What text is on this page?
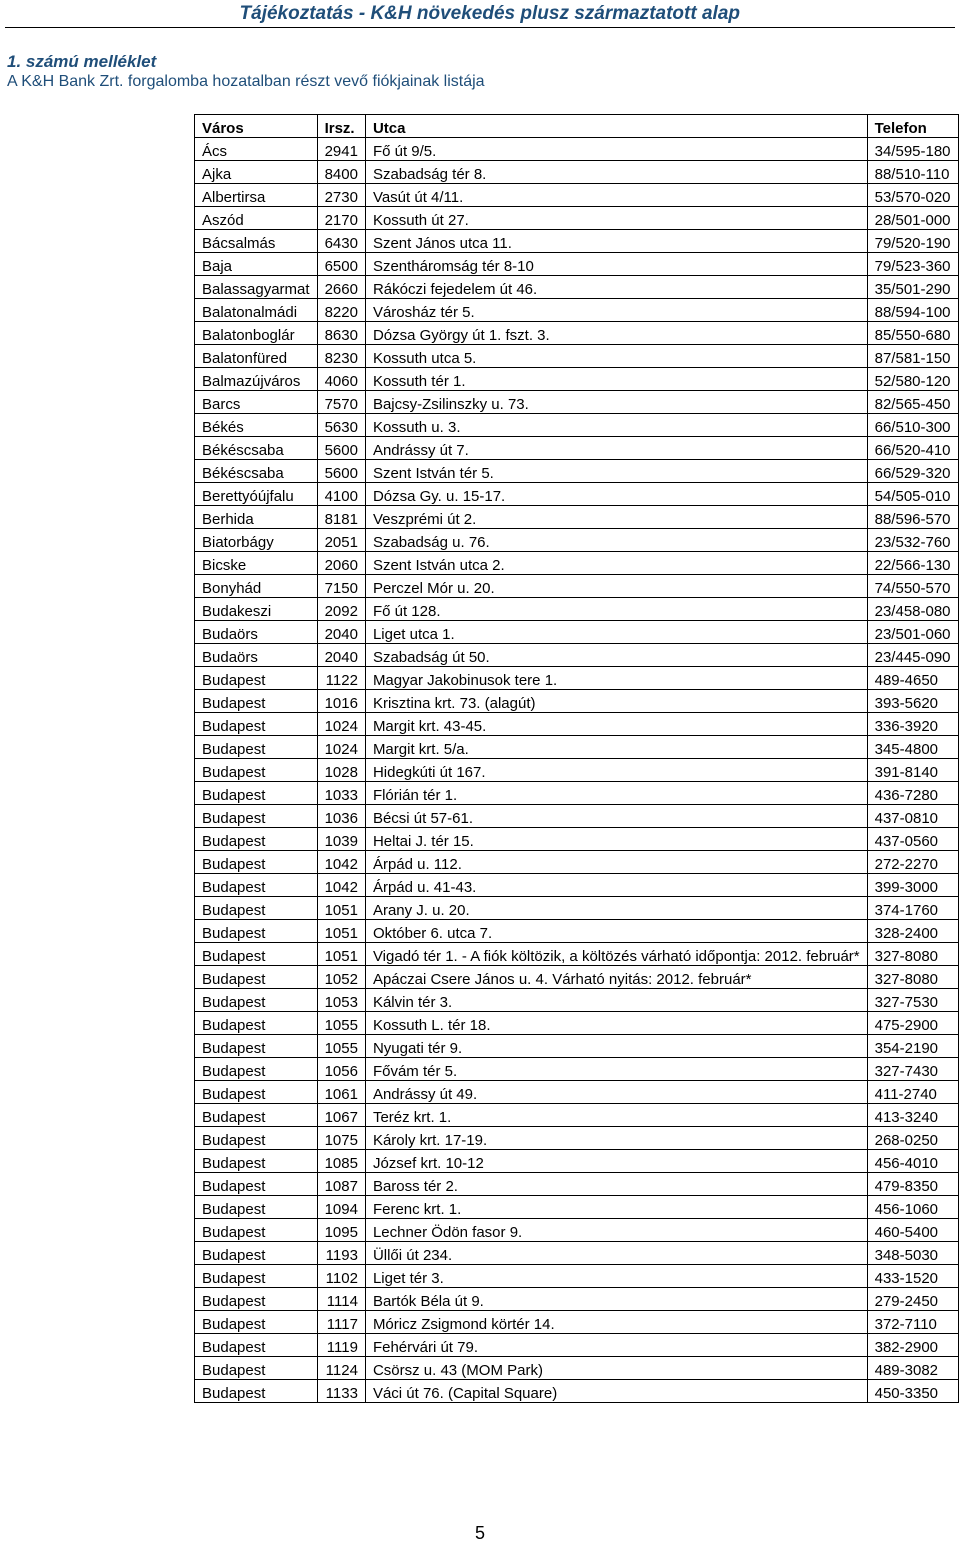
Tájékoztatás - K&H növekedés plusz származtatott alap
1. számú melléklet
A K&H Bank Zrt. forgalomba hozatalban részt vevő fiókjainak listája
Város	Irsz.	Utca	Telefon
Ács	2941	Fő út 9/5.	34/595-180
Ajka	8400	Szabadság tér 8.	88/510-110
Albertirsa	2730	Vasút út 4/11.	53/570-020
Aszód	2170	Kossuth út 27.	28/501-000
Bácsalmás	6430	Szent János utca 11.	79/520-190
Baja	6500	Szentháromság tér 8-10	79/523-360
Balassagyarmat	2660	Rákóczi fejedelem út 46.	35/501-290
Balatonalmádi	8220	Városház tér 5.	88/594-100
Balatonboglár	8630	Dózsa György út 1. fszt. 3.	85/550-680
Balatonfüred	8230	Kossuth utca 5.	87/581-150
Balmazújváros	4060	Kossuth tér 1.	52/580-120
Barcs	7570	Bajcsy-Zsilinszky u. 73.	82/565-450
Békés	5630	Kossuth u. 3.	66/510-300
Békéscsaba	5600	Andrássy út 7.	66/520-410
Békéscsaba	5600	Szent István tér 5.	66/529-320
Berettyóújfalu	4100	Dózsa Gy. u. 15-17.	54/505-010
Berhida	8181	Veszprémi út 2.	88/596-570
Biatorbágy	2051	Szabadság u. 76.	23/532-760
Bicske	2060	Szent István utca 2.	22/566-130
Bonyhád	7150	Perczel Mór u. 20.	74/550-570
Budakeszi	2092	Fő út 128.	23/458-080
Budaörs	2040	Liget utca 1.	23/501-060
Budaörs	2040	Szabadság út 50.	23/445-090
Budapest	1122	Magyar Jakobinusok tere 1.	489-4650
Budapest	1016	Krisztina krt. 73. (alagút)	393-5620
Budapest	1024	Margit krt. 43-45.	336-3920
Budapest	1024	Margit krt. 5/a.	345-4800
Budapest	1028	Hidegkúti út 167.	391-8140
Budapest	1033	Flórián tér 1.	436-7280
Budapest	1036	Bécsi út 57-61.	437-0810
Budapest	1039	Heltai J. tér 15.	437-0560
Budapest	1042	Árpád u. 112.	272-2270
Budapest	1042	Árpád u. 41-43.	399-3000
Budapest	1051	Arany J. u. 20.	374-1760
Budapest	1051	Október 6. utca 7.	328-2400
Budapest	1051	Vigadó tér 1. - A fiók költözik, a költözés várható időpontja: 2012. február*	327-8080
Budapest	1052	Apáczai Csere János u. 4. Várható nyitás: 2012. február*	327-8080
Budapest	1053	Kálvin tér 3.	327-7530
Budapest	1055	Kossuth L. tér 18.	475-2900
Budapest	1055	Nyugati tér 9.	354-2190
Budapest	1056	Fővám tér 5.	327-7430
Budapest	1061	Andrássy út 49.	411-2740
Budapest	1067	Teréz krt. 1.	413-3240
Budapest	1075	Károly krt. 17-19.	268-0250
Budapest	1085	József krt. 10-12	456-4010
Budapest	1087	Baross tér 2.	479-8350
Budapest	1094	Ferenc krt. 1.	456-1060
Budapest	1095	Lechner Ödön fasor 9.	460-5400
Budapest	1193	Üllői út 234.	348-5030
Budapest	1102	Liget tér 3.	433-1520
Budapest	1114	Bartók Béla út 9.	279-2450
Budapest	1117	Móricz Zsigmond körtér 14.	372-7110
Budapest	1119	Fehérvári út 79.	382-2900
Budapest	1124	Csörsz u. 43 (MOM Park)	489-3082
Budapest	1133	Váci út 76. (Capital Square)	450-3350
5
